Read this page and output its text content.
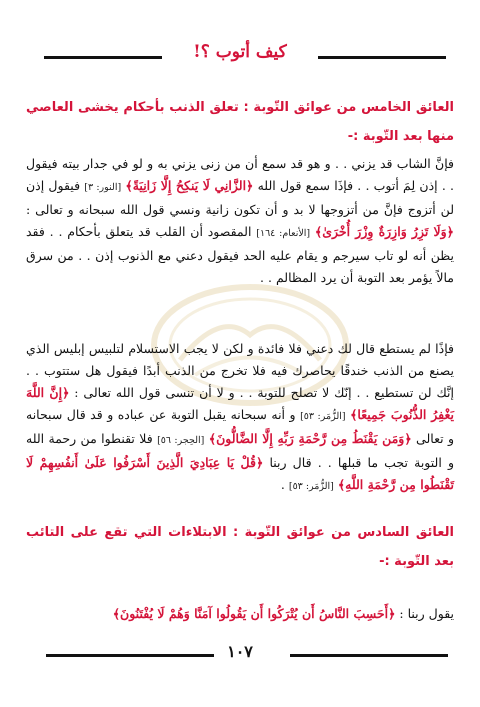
كيف أتوب ؟!
العائق الخامس من عوائق التّوبة : تعلق الذنب بأحكام يخشى العاصي منها بعد التّوبة :-
فإنَّ الشاب قد يزني . . و هو قد سمع أن من زنى يزني به و لو في جدار بيته فيقول . . إذن لِمَ أتوب . . فإذَا سمع قول الله ﴿الزَّانِي لَا يَنكِحُ إِلَّا زَانِيَةً﴾ [النور: ٣] فيقول إذن لن أتزوج فإنَّ من أتزوجها لا بد و أن تكون زانية ونسي قول الله سبحانه و تعالى : ﴿وَلَا تَزِرُ وَازِرَةٌ وِزْرَ أُخْرَىٰ﴾ [الأنعام: ١٦٤] المقصود أن القلب قد يتعلق بأحكام . . فقد يظن أنه لو تاب سيرجم و يقام عليه الحد فيقول دعني مع الذنوب إذن . . من سرق مالاً يؤمر بعد التوبة أن يرد المظالم . .
فإذًا لم يستطع قال لك دعني فلا فائدة و لكن لا يجب الاستسلام لتلبيس إبليس الذي يصنع من الذنب خندقًا يحاصرك فيه فلا تخرج من الذنب أبدًا فيقول هل ستتوب . . إنَّك لن تستطيع . . إنّك لا تصلح للتوبة . . و لا أن تنسى قول الله تعالى : ﴿إِنَّ اللَّهَ يَغْفِرُ الذُّنُوبَ جَمِيعًا﴾ [الزُّمَر: ٥٣] و أنه سبحانه يقبل التوبة عن عباده و قد قال سبحانه و تعالى ﴿وَمَن يَقْنَطُ مِن رَّحْمَةِ رَبِّهِ إِلَّا الضَّالُّونَ﴾ [الحِجر: ٥٦] فلا تقنطوا من رحمة الله و التوبة تجب ما قبلها . . قال ربنا ﴿قُلْ يَا عِبَادِيَ الَّذِينَ أَسْرَفُوا عَلَىٰ أَنفُسِهِمْ لَا تَقْنَطُوا مِن رَّحْمَةِ اللَّهِ﴾ [الزُّمَر: ٥٣] .
العائق السادس من عوائق التّوبة : الابتلاءات التي تقع على التائب بعد التّوبة :-
يقول ربنا : ﴿أَحَسِبَ النَّاسُ أَن يُتْرَكُوا أَن يَقُولُوا آمَنَّا وَهُمْ لَا يُفْتَنُونَ﴾
١٠٧
